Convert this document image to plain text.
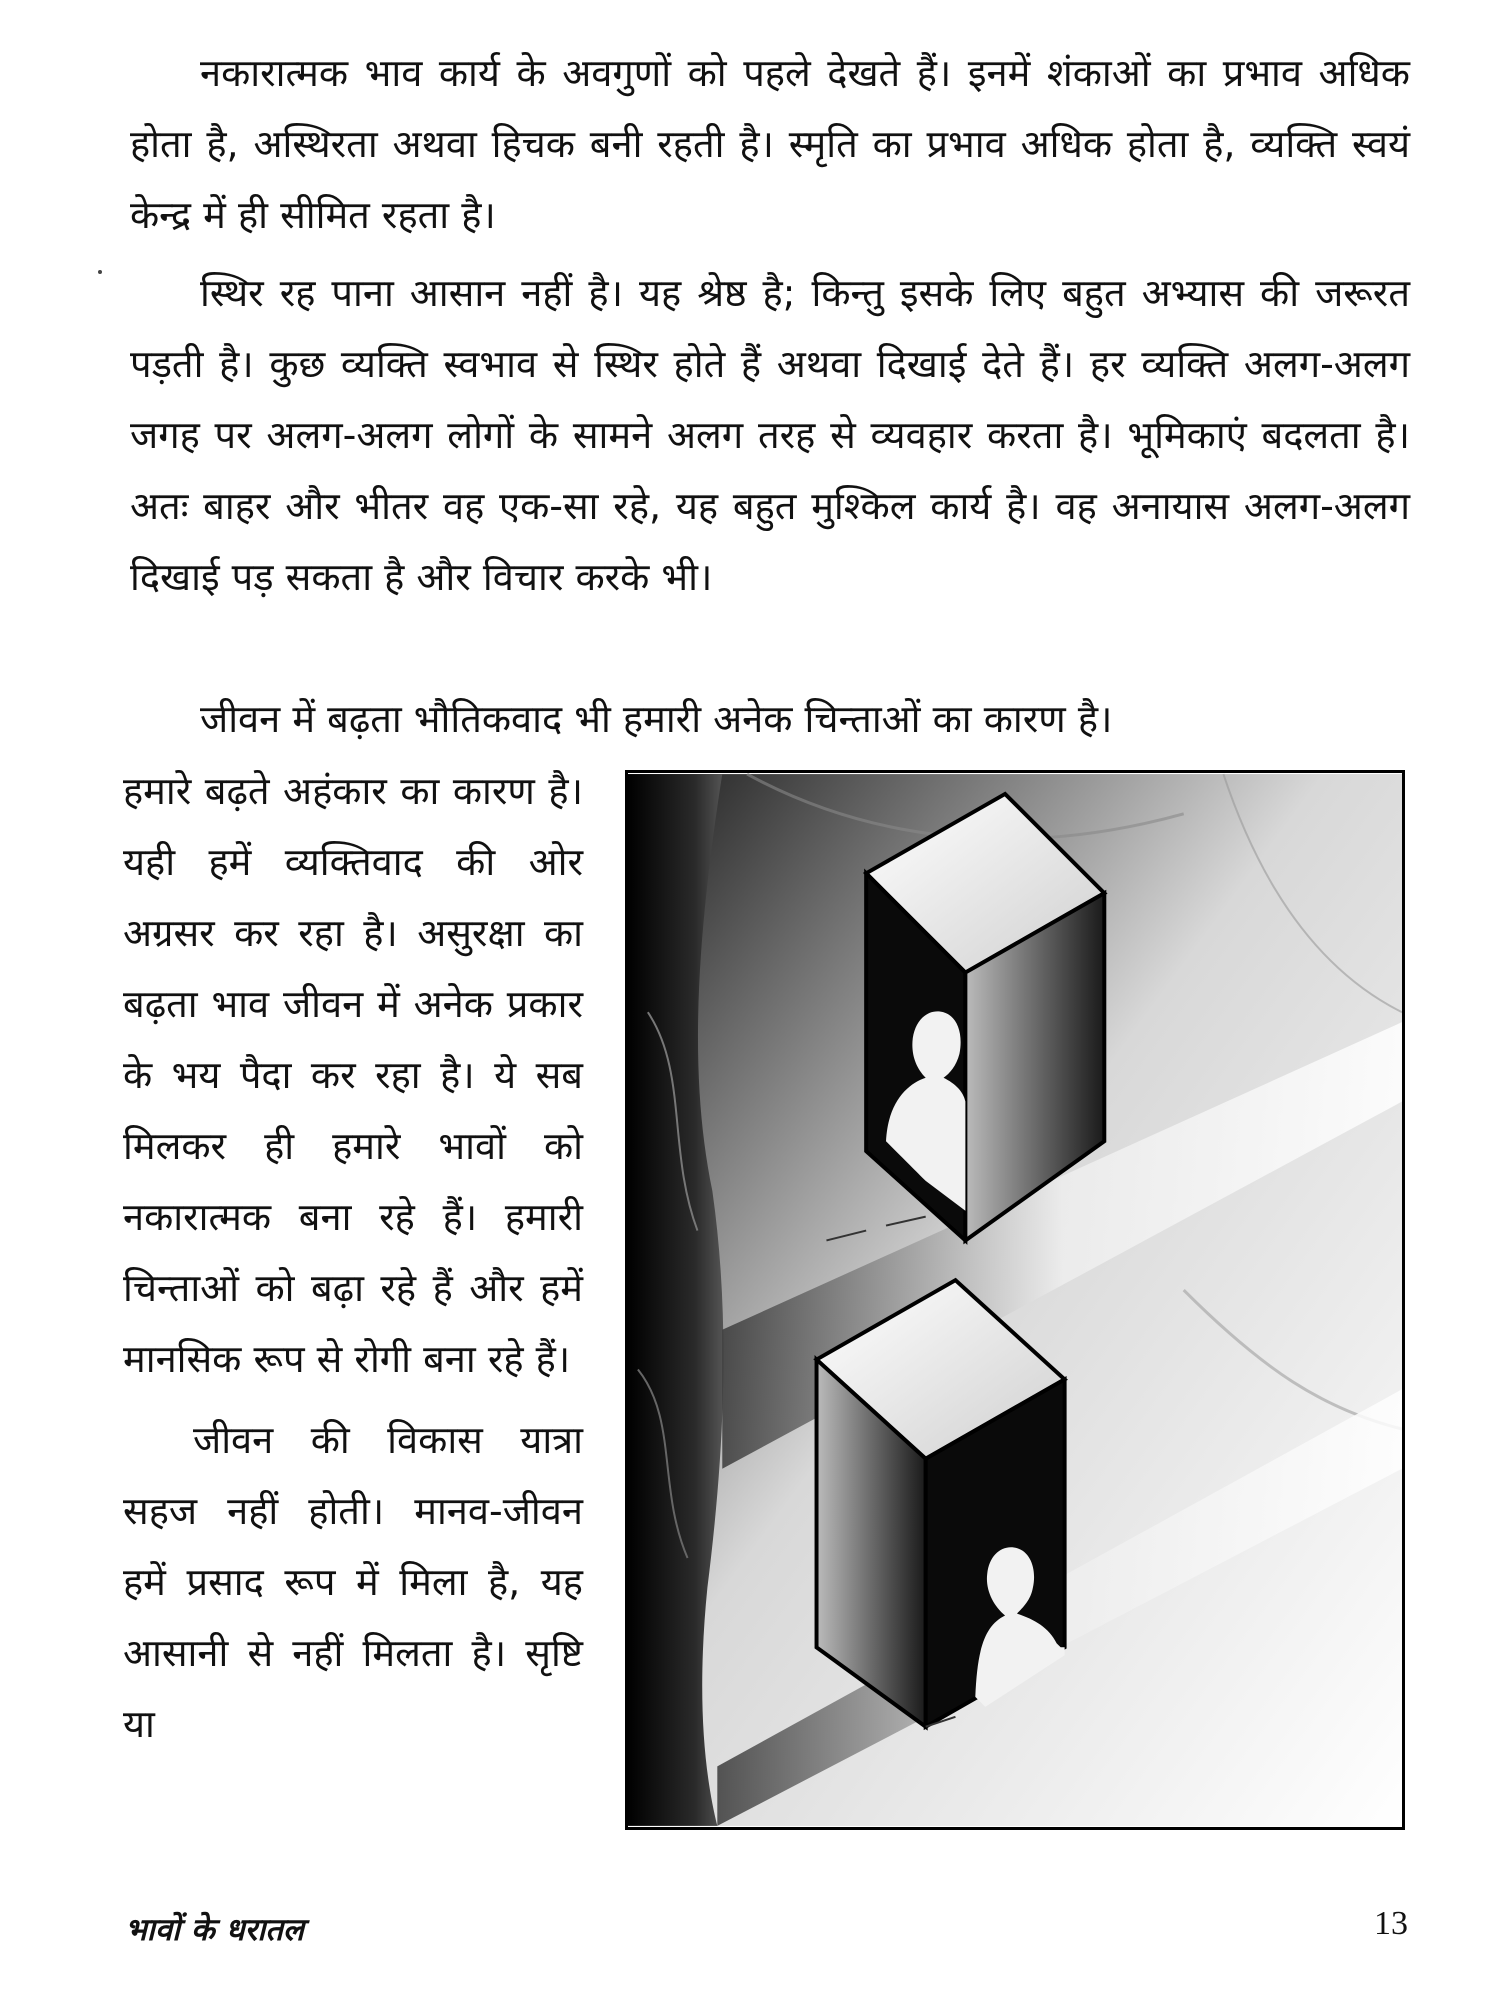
नकारात्मक भाव कार्य के अवगुणों को पहले देखते हैं। इनमें शंकाओं का प्रभाव अधिक होता है, अस्थिरता अथवा हिचक बनी रहती है। स्मृति का प्रभाव अधिक होता है, व्यक्ति स्वयं केन्द्र में ही सीमित रहता है।

स्थिर रह पाना आसान नहीं है। यह श्रेष्ठ है; किन्तु इसके लिए बहुत अभ्यास की जरूरत पड़ती है। कुछ व्यक्ति स्वभाव से स्थिर होते हैं अथवा दिखाई देते हैं। हर व्यक्ति अलग-अलग जगह पर अलग-अलग लोगों के सामने अलग तरह से व्यवहार करता है। भूमिकाएं बदलता है। अतः बाहर और भीतर वह एक-सा रहे, यह बहुत मुश्किल कार्य है। वह अनायास अलग-अलग दिखाई पड़ सकता है और विचार करके भी।

जीवन में बढ़ता भौतिकवाद भी हमारी अनेक चिन्ताओं का कारण है।

हमारे बढ़ते अहंकार का कारण है। यही हमें व्यक्तिवाद की ओर अग्रसर कर रहा है। असुरक्षा का बढ़ता भाव जीवन में अनेक प्रकार के भय पैदा कर रहा है। ये सब मिलकर ही हमारे भावों को नकारात्मक बना रहे हैं। हमारी चिन्ताओं को बढ़ा रहे हैं और हमें मानसिक रूप से रोगी बना रहे हैं।

जीवन की विकास यात्रा सहज नहीं होती। मानव-जीवन हमें प्रसाद रूप में मिला है, यह आसानी से नहीं मिलता है। सृष्टि या

भावों के धरातल	13
